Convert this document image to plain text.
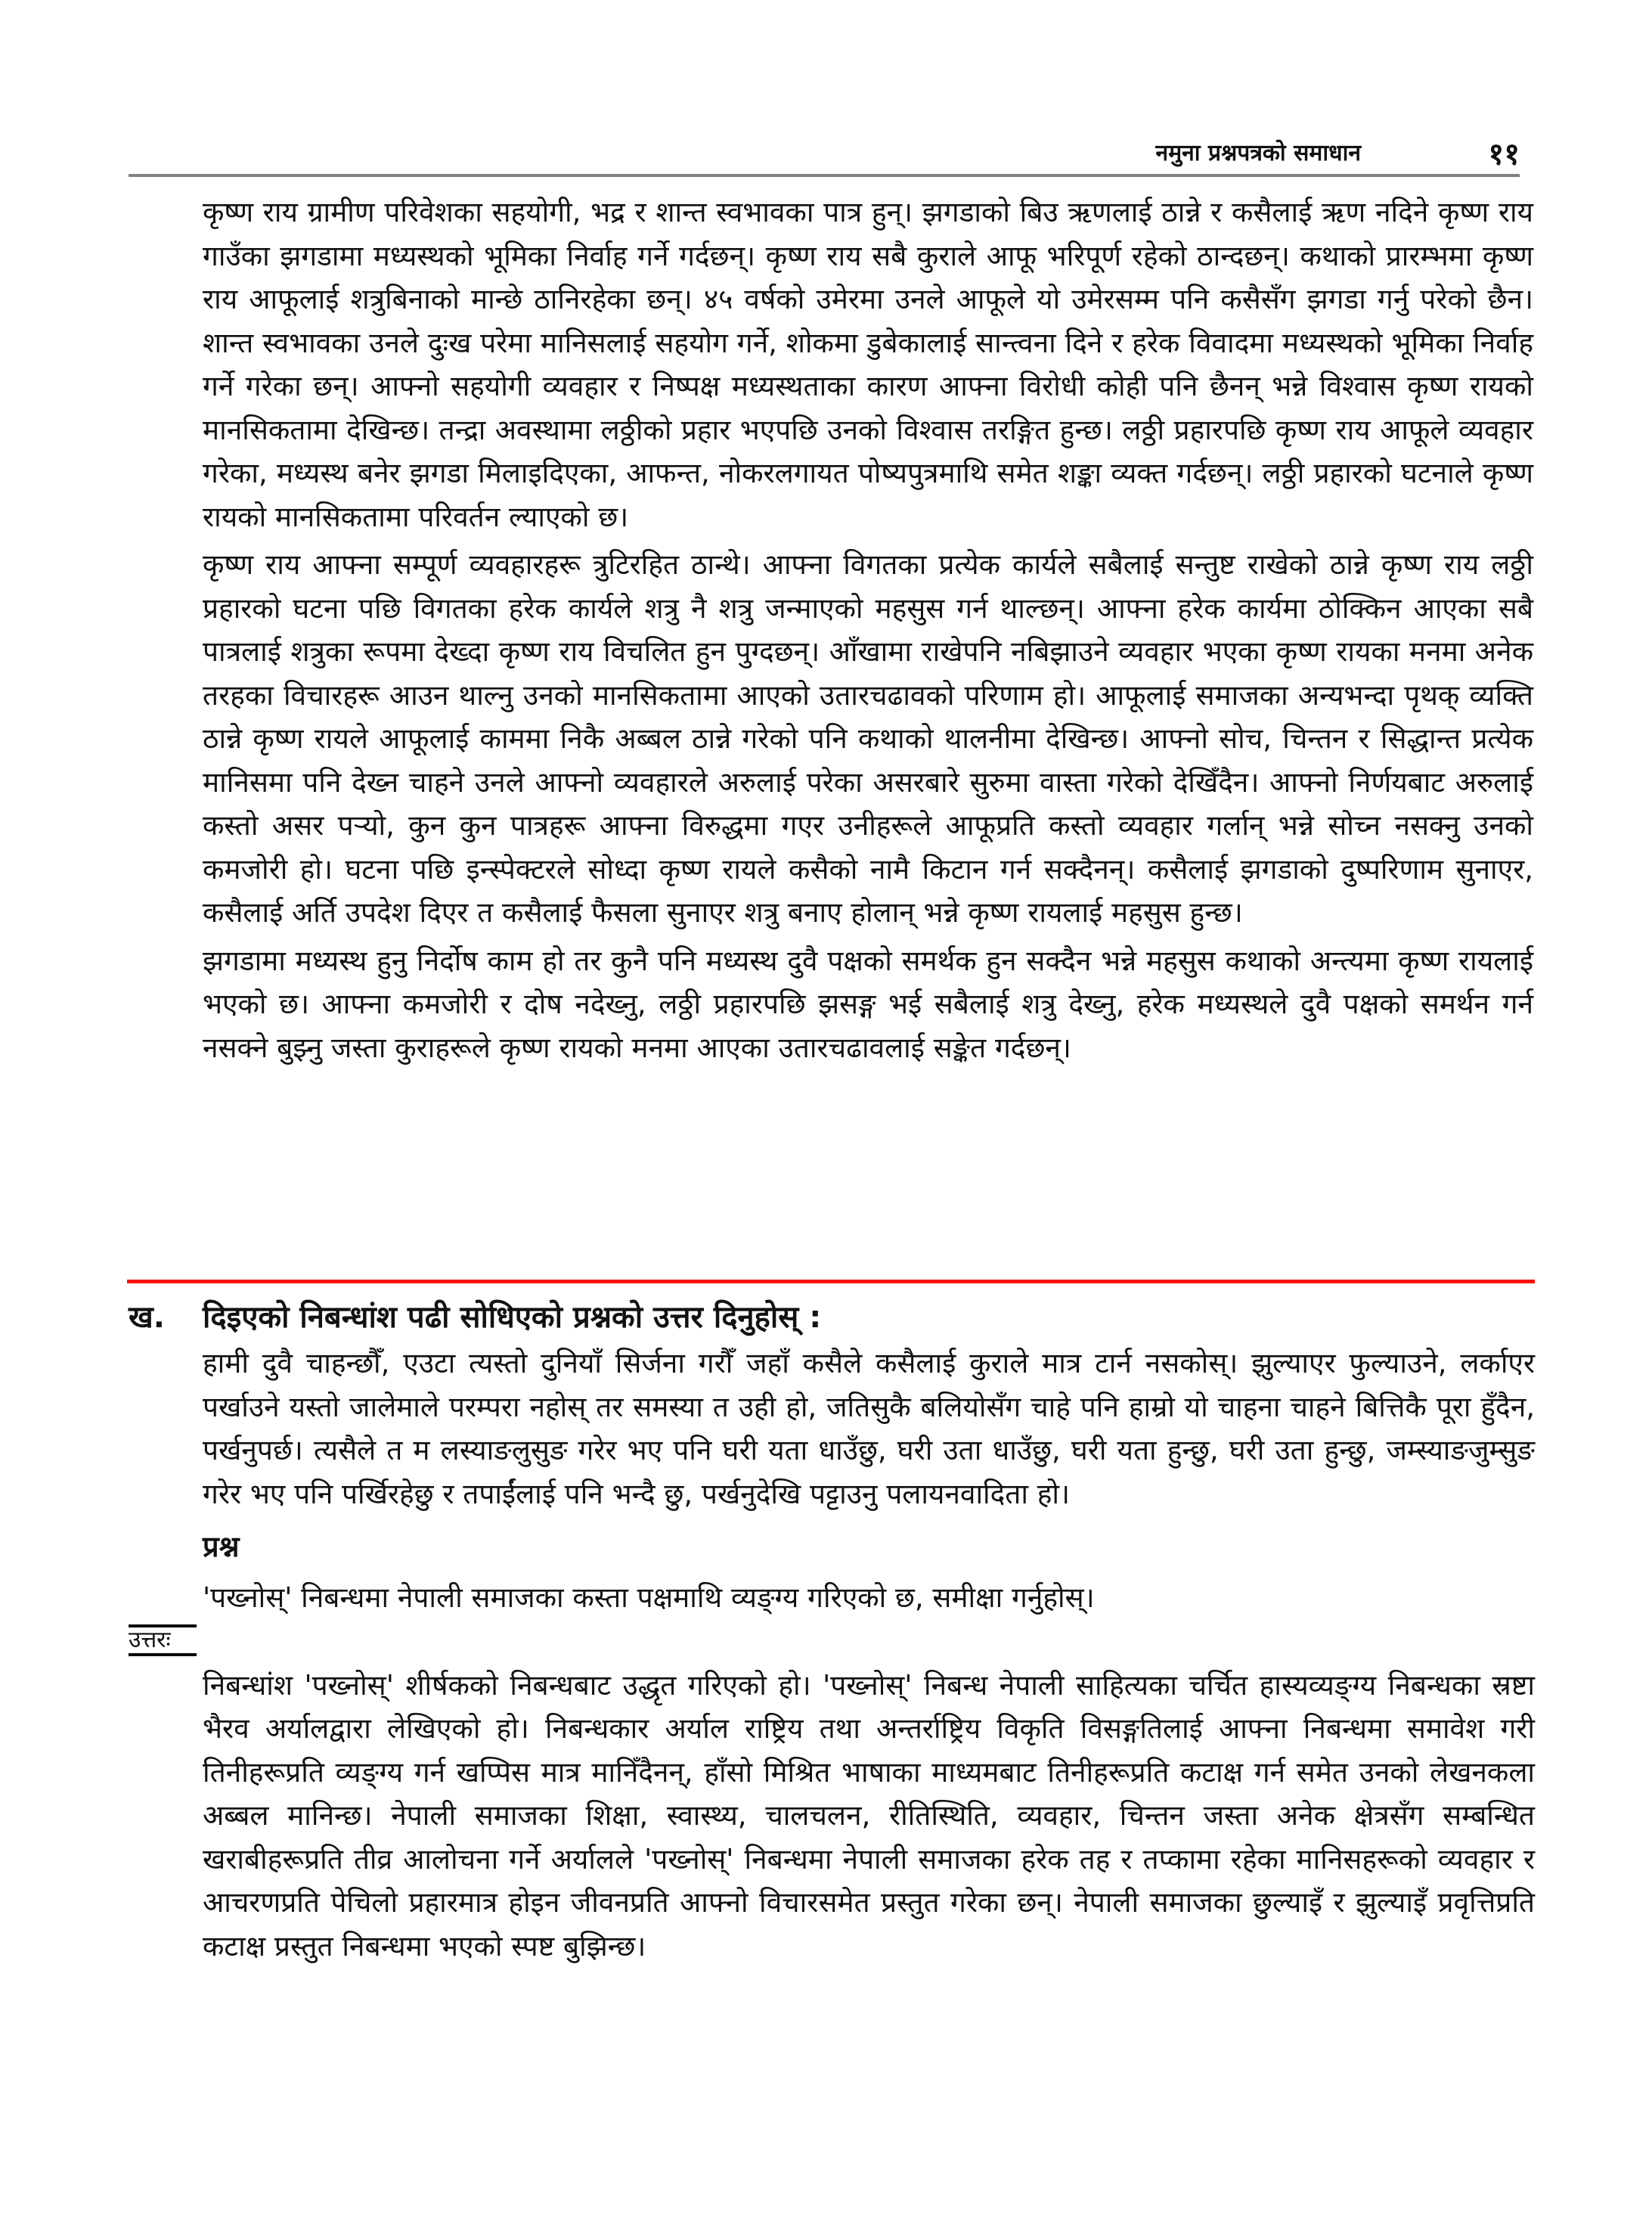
नमुना प्रश्नपत्रको समाधान	११

कृष्ण राय ग्रामीण परिवेशका सहयोगी, भद्र र शान्त स्वभावका पात्र हुन्। झगडाको बिउ ऋणलाई ठान्ने र कसैलाई ऋण नदिने कृष्ण राय गाउँका झगडामा मध्यस्थको भूमिका निर्वाह गर्ने गर्दछन्। कृष्ण राय सबै कुराले आफू भरिपूर्ण रहेको ठान्दछन्। कथाको प्रारम्भमा कृष्ण राय आफूलाई शत्रुबिनाको मान्छे ठानिरहेका छन्। ४५ वर्षको उमेरमा उनले आफूले यो उमेरसम्म पनि कसैसँग झगडा गर्नु परेको छैन। शान्त स्वभावका उनले दुःख परेमा मानिसलाई सहयोग गर्ने, शोकमा डुबेकालाई सान्त्वना दिने र हरेक विवादमा मध्यस्थको भूमिका निर्वाह गर्ने गरेका छन्। आफ्नो सहयोगी व्यवहार र निष्पक्ष मध्यस्थताका कारण आफ्ना विरोधी कोही पनि छैनन् भन्ने विश्वास कृष्ण रायको मानसिकतामा देखिन्छ। तन्द्रा अवस्थामा लठ्ठीको प्रहार भएपछि उनको विश्वास तरङ्गित हुन्छ। लठ्ठी प्रहारपछि कृष्ण राय आफूले व्यवहार गरेका, मध्यस्थ बनेर झगडा मिलाइदिएका, आफन्त, नोकरलगायत पोष्यपुत्रमाथि समेत शङ्का व्यक्त गर्दछन्। लठ्ठी प्रहारको घटनाले कृष्ण रायको मानसिकतामा परिवर्तन ल्याएको छ।

कृष्ण राय आफ्ना सम्पूर्ण व्यवहारहरू त्रुटिरहित ठान्थे। आफ्ना विगतका प्रत्येक कार्यले सबैलाई सन्तुष्ट राखेको ठान्ने कृष्ण राय लठ्ठी प्रहारको घटना पछि विगतका हरेक कार्यले शत्रु नै शत्रु जन्माएको महसुस गर्न थाल्छन्। आफ्ना हरेक कार्यमा ठोक्किन आएका सबै पात्रलाई शत्रुका रूपमा देख्दा कृष्ण राय विचलित हुन पुग्दछन्। आँखामा राखेपनि नबिझाउने व्यवहार भएका कृष्ण रायका मनमा अनेक तरहका विचारहरू आउन थाल्नु उनको मानसिकतामा आएको उतारचढावको परिणाम हो। आफूलाई समाजका अन्यभन्दा पृथक् व्यक्ति ठान्ने कृष्ण रायले आफूलाई काममा निकै अब्बल ठान्ने गरेको पनि कथाको थालनीमा देखिन्छ। आफ्नो सोच, चिन्तन र सिद्धान्त प्रत्येक मानिसमा पनि देख्न चाहने उनले आफ्नो व्यवहारले अरुलाई परेका असरबारे सुरुमा वास्ता गरेको देखिँदैन। आफ्नो निर्णयबाट अरुलाई कस्तो असर पर्‍यो, कुन कुन पात्रहरू आफ्ना विरुद्धमा गएर उनीहरूले आफूप्रति कस्तो व्यवहार गर्लान् भन्ने सोच्न नसक्नु उनको कमजोरी हो। घटना पछि इन्स्पेक्टरले सोध्दा कृष्ण रायले कसैको नामै किटान गर्न सक्दैनन्। कसैलाई झगडाको दुष्परिणाम सुनाएर, कसैलाई अर्ति उपदेश दिएर त कसैलाई फैसला सुनाएर शत्रु बनाए होलान् भन्ने कृष्ण रायलाई महसुस हुन्छ।

झगडामा मध्यस्थ हुनु निर्दोष काम हो तर कुनै पनि मध्यस्थ दुवै पक्षको समर्थक हुन सक्दैन भन्ने महसुस कथाको अन्त्यमा कृष्ण रायलाई भएको छ। आफ्ना कमजोरी र दोष नदेख्नु, लठ्ठी प्रहारपछि झसङ्ग भई सबैलाई शत्रु देख्नु, हरेक मध्यस्थले दुवै पक्षको समर्थन गर्न नसक्ने बुझ्नु जस्ता कुराहरूले कृष्ण रायको मनमा आएका उतारचढावलाई सङ्केत गर्दछन्।

ख.	दिइएको निबन्धांश पढी सोधिएको प्रश्नको उत्तर दिनुहोस् :

हामी दुवै चाहन्छौँ, एउटा त्यस्तो दुनियाँ सिर्जना गरौँ जहाँ कसैले कसैलाई कुराले मात्र टार्न नसकोस्। झुल्याएर फुल्याउने, लर्काएर पर्खाउने यस्तो जालेमाले परम्परा नहोस् तर समस्या त उही हो, जतिसुकै बलियोसँग चाहे पनि हाम्रो यो चाहना चाहने बित्तिकै पूरा हुँदैन, पर्खनुपर्छ। त्यसैले त म लस्याङलुसुङ गरेर भए पनि घरी यता धाउँछु, घरी उता धाउँछु, घरी यता हुन्छु, घरी उता हुन्छु, जम्स्याङजुम्सुङ गरेर भए पनि पर्खिरहेछु र तपाईंलाई पनि भन्दै छु, पर्खनुदेखि पट्टाउनु पलायनवादिता हो।

प्रश्न

'पख्नोस्' निबन्धमा नेपाली समाजका कस्ता पक्षमाथि व्यङ्ग्य गरिएको छ, समीक्षा गर्नुहोस्।

उत्तरः

निबन्धांश 'पख्नोस्' शीर्षकको निबन्धबाट उद्धृत गरिएको हो। 'पख्नोस्' निबन्ध नेपाली साहित्यका चर्चित हास्यव्यङ्ग्य निबन्धका स्रष्टा भैरव अर्यालद्वारा लेखिएको हो। निबन्धकार अर्याल राष्ट्रिय तथा अन्तर्राष्ट्रिय विकृति विसङ्गतिलाई आफ्ना निबन्धमा समावेश गरी तिनीहरूप्रति व्यङ्ग्य गर्न खप्पिस मात्र मानिँदैनन्, हाँसो मिश्रित भाषाका माध्यमबाट तिनीहरूप्रति कटाक्ष गर्न समेत उनको लेखनकला अब्बल मानिन्छ। नेपाली समाजका शिक्षा, स्वास्थ्य, चालचलन, रीतिस्थिति, व्यवहार, चिन्तन जस्ता अनेक क्षेत्रसँग सम्बन्धित खराबीहरूप्रति तीव्र आलोचना गर्ने अर्यालले 'पख्नोस्' निबन्धमा नेपाली समाजका हरेक तह र तप्कामा रहेका मानिसहरूको व्यवहार र आचरणप्रति पेचिलो प्रहारमात्र होइन जीवनप्रति आफ्नो विचारसमेत प्रस्तुत गरेका छन्। नेपाली समाजका छुल्याइँ र झुल्याइँ प्रवृत्तिप्रति कटाक्ष प्रस्तुत निबन्धमा भएको स्पष्ट बुझिन्छ।
